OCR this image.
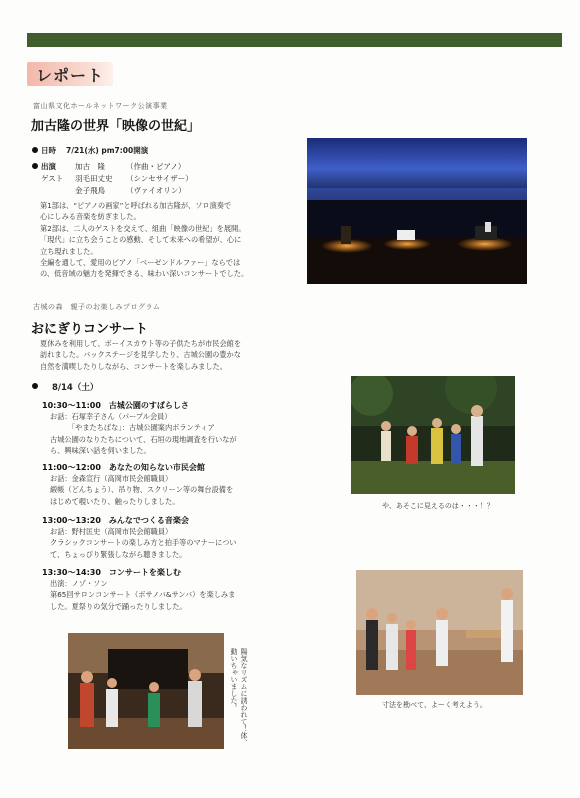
レポート
富山県文化ホールネットワーク公演事業
加古隆の世界「映像の世紀」
日時 7/21(水) pm7:00開演
出演	加古　隆	（作曲・ピアノ）
ゲスト 羽毛田丈史 （シンセサイザー）
金子飛鳥	（ヴァイオリン）
第1部は、“ピアノの画家”と呼ばれる加古隆が、ソロ演奏で
心にしみる音楽を紡ぎました。
第2部は、二人のゲストを交えて、組曲「映像の世紀」を展開。
「現代」に立ち会うことの感動、そして未来への希望が、心に
立ち現れました。
全編を通して、愛用のピアノ「ベーゼンドルファー」ならでは
の、低音域の魅力を発揮できる、味わい深いコンサートでした。
古城の森　親子のお楽しみプログラム
おにぎりコンサート
夏休みを利用して、ボーイスカウト等の子供たちが市民会館を
訪れました。バックステージを見学したり、古城公園の豊かな
自然を満喫したりしながら、コンサートを楽しみました。
8/14（土）
10:30～11:00　古城公園のすばらしさ
お話：石塚幸子さん（パープル会員）
　　　「やまたちばな」：古城公園案内ボランティア
古城公園のなりたちについて、石垣の現地調査を行いなが
ら、興味深い話を伺いました。
11:00～12:00　あなたの知らない市民会館
お話：金森宣行（高岡市民会館職員）
緞帳（どんちょう）、吊り物、スクリーン等の舞台設備を
はじめて覗いたり、触ったりしました。
13:00～13:20　みんなでつくる音楽会
お話：野村匡史（高岡市民会館職員）
クラシックコンサートの楽しみ方と拍手等のマナーについ
て、ちょっぴり緊張しながら聴きました。
13:30～14:30　コンサートを楽しむ
出演：ノゾ・ソン
第65回サロンコンサート（ボサノバ&サンバ）を楽しみま
した。夏祭りの気分で踊ったりしました。
や、あそこに見えるのは・・・！？
陽気なリズムに誘われて！体、動いちゃいました。	寸法を勘べて、よーく考えよう。
